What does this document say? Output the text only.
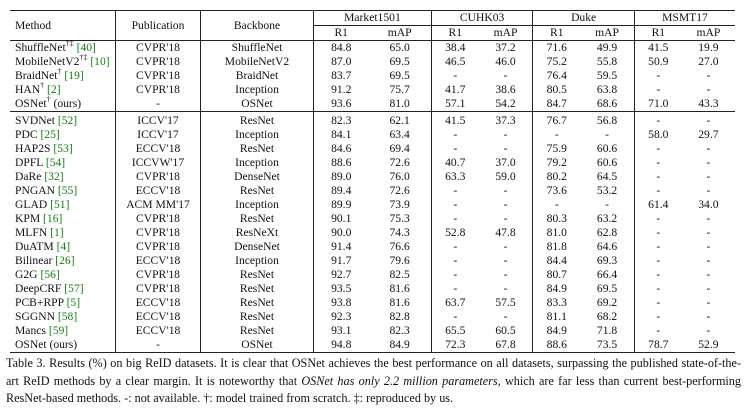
Method	Publication	Backbone	Market1501		CUHK03		Duke		MSMT17	
			R1	mAP	R1	mAP	R1	mAP	R1	mAP
ShuffleNet†‡ [40]	CVPR'18	ShuffleNet	84.8	65.0	38.4	37.2	71.6	49.9	41.5	19.9
MobileNetV2†‡ [10]	CVPR'18	MobileNetV2	87.0	69.5	46.5	46.0	75.2	55.8	50.9	27.0
BraidNet† [19]	CVPR'18	BraidNet	83.7	69.5	-	-	76.4	59.5	-	-
HAN† [2]	CVPR'18	Inception	91.2	75.7	41.7	38.6	80.5	63.8	-	-
OSNet† (ours)	-	OSNet	93.6	81.0	57.1	54.2	84.7	68.6	71.0	43.3
SVDNet [52]	ICCV'17	ResNet	82.3	62.1	41.5	37.3	76.7	56.8	-	-
PDC [25]	ICCV'17	Inception	84.1	63.4	-	-	-	-	58.0	29.7
HAP2S [53]	ECCV'18	ResNet	84.6	69.4	-	-	75.9	60.6	-	-
DPFL [54]	ICCVW'17	Inception	88.6	72.6	40.7	37.0	79.2	60.6	-	-
DaRe [32]	CVPR'18	DenseNet	89.0	76.0	63.3	59.0	80.2	64.5	-	-
PNGAN [55]	ECCV'18	ResNet	89.4	72.6	-	-	73.6	53.2	-	-
GLAD [51]	ACM MM'17	Inception	89.9	73.9	-	-	-	-	61.4	34.0
KPM [16]	CVPR'18	ResNet	90.1	75.3	-	-	80.3	63.2	-	-
MLFN [1]	CVPR'18	ResNeXt	90.0	74.3	52.8	47.8	81.0	62.8	-	-
DuATM [4]	CVPR'18	DenseNet	91.4	76.6	-	-	81.8	64.6	-	-
Bilinear [26]	ECCV'18	Inception	91.7	79.6	-	-	84.4	69.3	-	-
G2G [56]	CVPR'18	ResNet	92.7	82.5	-	-	80.7	66.4	-	-
DeepCRF [57]	CVPR'18	ResNet	93.5	81.6	-	-	84.9	69.5	-	-
PCB+RPP [5]	ECCV'18	ResNet	93.8	81.6	63.7	57.5	83.3	69.2	-	-
SGGNN [58]	ECCV'18	ResNet	92.3	82.8	-	-	81.1	68.2	-	-
Mancs [59]	ECCV'18	ResNet	93.1	82.3	65.5	60.5	84.9	71.8	-	-
OSNet (ours)	-	OSNet	94.8	84.9	72.3	67.8	88.6	73.5	78.7	52.9
Table 3. Results (%) on big ReID datasets. It is clear that OSNet achieves the best performance on all datasets, surpassing the published state-of-the-art ReID methods by a clear margin. It is noteworthy that OSNet has only 2.2 million parameters, which are far less than current best-performing ResNet-based methods. -: not available. †: model trained from scratch. ‡: reproduced by us.
